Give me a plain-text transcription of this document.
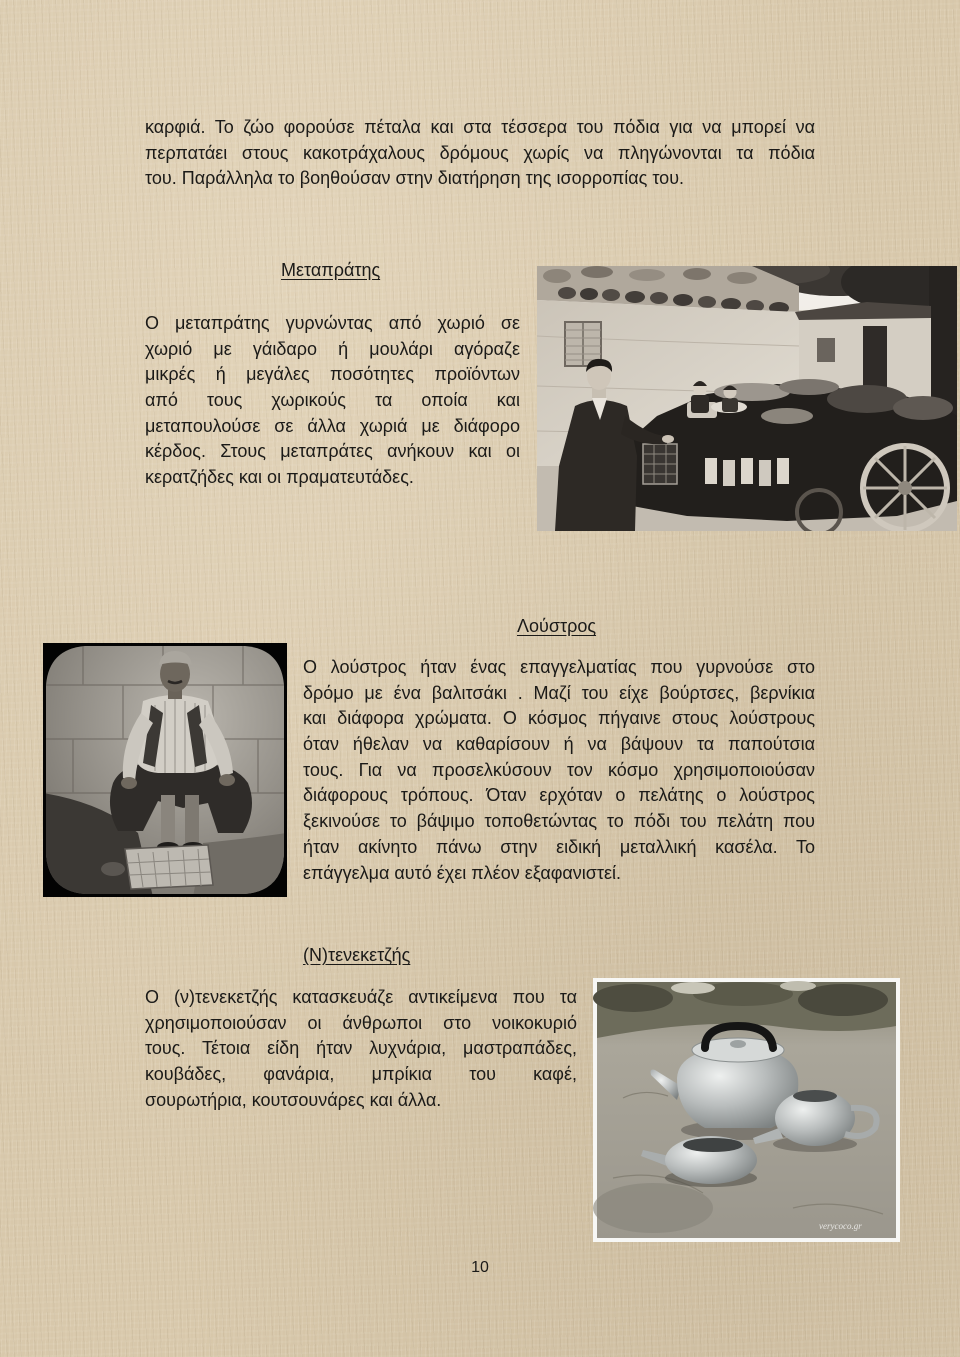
καρφιά. Το ζώο φορούσε πέταλα και στα τέσσερα του πόδια για να μπορεί να
περπατάει στους κακοτράχαλους δρόμους χωρίς να πληγώνονται τα πόδια
του. Παράλληλα το βοηθούσαν στην διατήρηση της ισορροπίας του.
Μεταπράτης
Ο μεταπράτης γυρνώντας από χωριό σε
χωριό με γάιδαρο ή μουλάρι αγόραζε
μικρές ή μεγάλες ποσότητες προϊόντων
από τους χωρικούς τα οποία και
μεταπουλούσε σε άλλα χωριά με διάφορο
κέρδος. Στους μεταπράτες ανήκουν και οι
κερατζήδες και οι πραματευτάδες.
Λούστρος
Ο λούστρος ήταν ένας επαγγελματίας που γυρνούσε στο
δρόμο με ένα βαλιτσάκι . Μαζί του είχε βούρτσες, βερνίκια
και διάφορα χρώματα. Ο κόσμος πήγαινε στους λούστρους
όταν ήθελαν να καθαρίσουν ή να βάψουν τα παπούτσια
τους. Για να προσελκύσουν τον κόσμο χρησιμοποιούσαν
διάφορους τρόπους. Όταν ερχόταν ο πελάτης ο λούστρος
ξεκινούσε το βάψιμο τοποθετώντας το πόδι του πελάτη που
ήταν ακίνητο πάνω στην ειδική μεταλλική κασέλα. Το
επάγγελμα αυτό έχει πλέον εξαφανιστεί.
(Ν)τενεκετζής
Ο (ν)τενεκετζής κατασκευάζε αντικείμενα που τα
χρησιμοποιούσαν οι άνθρωποι στο νοικοκυριό
τους. Τέτοια είδη ήταν λυχνάρια, μαστραπάδες,
κουβάδες, φανάρια, μπρίκια του καφέ,
σουρωτήρια, κουτσουνάρες και άλλα.
verycoco.gr
10
